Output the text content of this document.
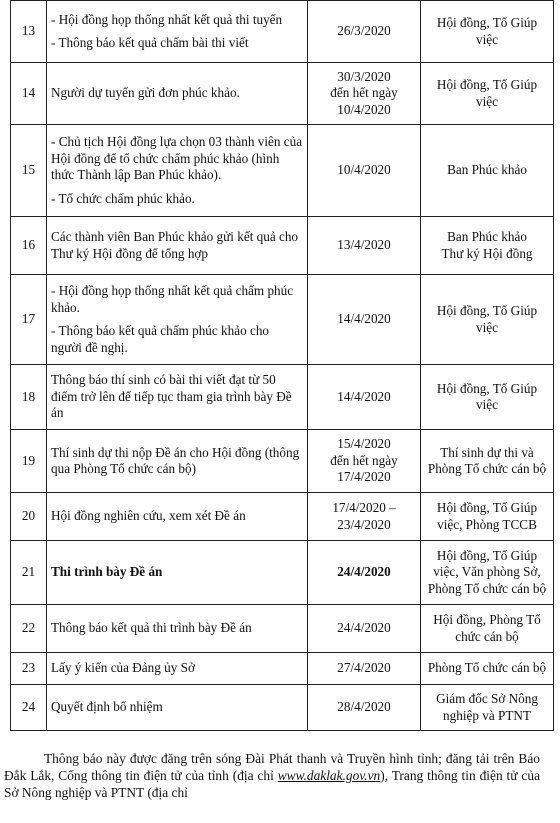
13	- Hội đồng họp thống nhất kết quả thi tuyển
- Thông báo kết quả chấm bài thi viết	26/3/2020	Hội đồng, Tổ Giúp
việc

14	Người dự tuyển gửi đơn phúc khảo.	30/3/2020
đến hết ngày
10/4/2020	Hội đồng, Tổ Giúp
việc

15	- Chủ tịch Hội đồng lựa chọn 03 thành viên của Hội đồng để tổ chức chấm phúc khảo (hình thức Thành lập Ban Phúc khảo).
- Tổ chức chấm phúc khảo.	10/4/2020	Ban Phúc khảo

16	Các thành viên Ban Phúc khảo gửi kết quả cho Thư ký Hội đồng để tổng hợp	13/4/2020	Ban Phúc khảo
Thư ký Hội đồng

17	- Hội đồng họp thống nhất kết quả chấm phúc khảo.
- Thông báo kết quả chấm phúc khảo cho người đề nghị.	14/4/2020	Hội đồng, Tổ Giúp
việc

18	Thông báo thí sinh có bài thi viết đạt từ 50 điểm trở lên để tiếp tục tham gia trình bày Đề án	14/4/2020	Hội đồng, Tổ Giúp
việc

19	Thí sinh dự thi nộp Đề án cho Hội đồng (thông qua Phòng Tổ chức cán bộ)	15/4/2020
đến hết ngày
17/4/2020	Thí sinh dự thi và
Phòng Tổ chức cán bộ

20	Hội đồng nghiên cứu, xem xét Đề án	17/4/2020 –
23/4/2020	Hội đồng, Tổ Giúp
việc, Phòng TCCB

21	Thi trình bày Đề án	24/4/2020	Hội đồng, Tổ Giúp
việc, Văn phòng Sở,
Phòng Tổ chức cán bộ

22	Thông báo kết quả thi trình bày Đề án	24/4/2020	Hội đồng, Phòng Tổ
chức cán bộ

23	Lấy ý kiến của Đảng ủy Sở	27/4/2020	Phòng Tổ chức cán bộ

24	Quyết định bổ nhiệm	28/4/2020	Giám đốc Sở Nông
nghiệp và PTNT

Thông báo này được đăng trên sóng Đài Phát thanh và Truyền hình tỉnh; đăng tải trên Báo Đắk Lắk, Cổng thông tin điện tử của tỉnh (địa chỉ www.daklak.gov.vn), Trang thông tin điện tử của Sở Nông nghiệp và PTNT (địa chỉ
